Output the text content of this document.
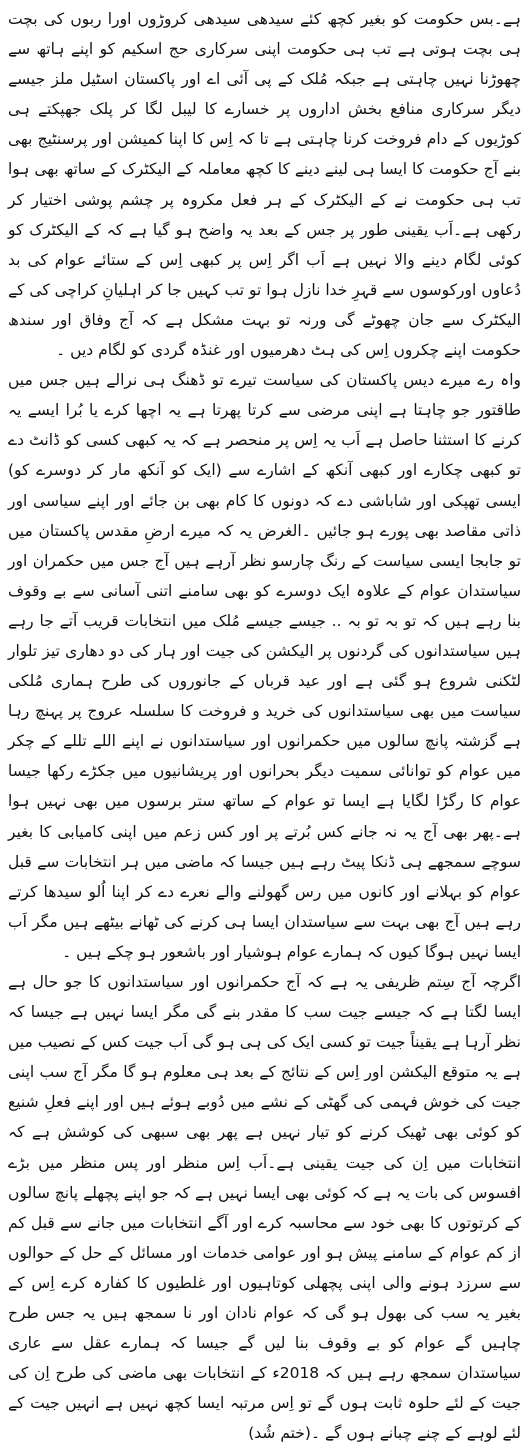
ہے۔بس حکومت کو بغیر کچھ کئے سیدھی سیدھی کروڑوں اورا ربوں کی بچت ہی بچت ہوتی ہے تب ہی حکومت اپنی سرکاری حج اسکیم کو اپنے ہاتھ سے چھوڑنا نہیں چاہتی ہے جبکہ مُلک کے پی آئی اے اور پاکستان اسٹیل ملز جیسے دیگر سرکاری منافع بخش اداروں پر خسارے کا لیبل لگا کر پلک جھپکتے ہی کوڑیوں کے دام فروخت کرنا چاہتی ہے تا کہ اِس کا اپنا کمیشن اور پرسنٹیج بھی بنے آج حکومت کا ایسا ہی لینے دینے کا کچھ معاملہ کے الیکٹرک کے ساتھ بھی ہوا تب ہی حکومت نے کے الیکٹرک کے ہر فعل مکروہ پر چشم پوشی اختیار کر رکھی ہے۔اَب یقینی طور پر جس کے بعد یہ واضح ہو گیا ہے کہ کے الیکٹرک کو کوئی لگام دینے والا نہیں ہے اَب اگر اِس پر کبھی اِس کے ستائے عوام کی بد دُعاوں اورکوسوں سے قہرِ خدا نازل ہوا تو تب کہیں جا کر اہلیانِ کراچی کی کے الیکٹرک سے جان چھوٹے گی ورنہ تو بہت مشکل ہے کہ آج وفاق اور سندھ حکومت اپنے چکروں اِس کی ہٹ دھرمیوں اور غنڈہ گردی کو لگام دیں ۔

واہ رے میرے دیس پاکستان کی سیاست تیرے تو ڈھنگ ہی نرالے ہیں جس میں طاقتور جو چاہتا ہے اپنی مرضی سے کرتا پھرتا ہے یہ اچھا کرے یا بُرا ایسے یہ کرنے کا استثنا حاصل ہے اَب یہ اِس پر منحصر ہے کہ یہ کبھی کسی کو ڈانٹ دے تو کبھی چکارے اور کبھی آنکھ کے اشارے سے (ایک کو آنکھ مار کر دوسرے کو) ایسی تھپکی اور شاباشی دے کہ دونوں کا کام بھی بن جائے اور اپنے سیاسی اور ذاتی مقاصد بھی پورے ہو جائیں ۔الغرض یہ کہ میرے ارضِ مقدس پاکستان میں تو جابجا ایسی سیاست کے رنگ چارسو نظر آرہے ہیں آج جس میں حکمران اور سیاستدان عوام کے علاوہ ایک دوسرے کو بھی سامنے اتنی آسانی سے بے وقوف بنا رہے ہیں کہ تو بہ تو بہ .. جیسے جیسے مُلک میں انتخابات قریب آتے جا رہے ہیں سیاستدانوں کی گردنوں پر الیکشن کی جیت اور ہار کی دو دھاری تیز تلوار لٹکنی شروع ہو گئی ہے اور عید قرباں کے جانوروں کی طرح ہماری مُلکی سیاست میں بھی سیاستدانوں کی خرید و فروخت کا سلسلہ عروج پر پہنچ رہا ہے گزشتہ پانچ سالوں میں حکمرانوں اور سیاستدانوں نے اپنے اللے تللے کے چکر میں عوام کو توانائی سمیت دیگر بحرانوں اور پریشانیوں میں جکڑے رکھا جیسا عوام کا رگڑا لگایا ہے ایسا تو عوام کے ساتھ ستر برسوں میں بھی نہیں ہوا ہے۔پھر بھی آج یہ نہ جانے کس بُرتے پر اور کس زعم میں اپنی کامیابی کا بغیر سوچے سمجھے ہی ڈنکا پیٹ رہے ہیں جیسا کہ ماضی میں ہر انتخابات سے قبل عوام کو بہلانے اور کانوں میں رس گھولنے والے نعرے دے کر اپنا اُلو سیدھا کرتے رہے ہیں آج بھی بہت سے سیاستدان ایسا ہی کرنے کی ٹھانے بیٹھے ہیں مگر اَب ایسا نہیں ہوگا کیوں کہ ہمارے عوام ہوشیار اور باشعور ہو چکے ہیں ۔

اگرچہ آج سِتم ظریفی یہ ہے کہ آج حکمرانوں اور سیاستدانوں کا جو حال ہے ایسا لگتا ہے کہ جیسے جیت سب کا مقدر بنے گی مگر ایسا نہیں ہے جیسا کہ نظر آرہا ہے یقیناً جیت تو کسی ایک کی ہی ہو گی اَب جیت کس کے نصیب میں ہے یہ متوقع الیکشن اور اِس کے نتائج کے بعد ہی معلوم ہو گا مگر آج سب اپنی جیت کی خوش فہمی کی گھٹی کے نشے میں دُوبے ہوئے ہیں اور اپنے فعلِ شنیع کو کوئی بھی ٹھیک کرنے کو تیار نہیں ہے پھر بھی سبھی کی کوشش ہے کہ انتخابات میں اِن کی جیت یقینی ہے۔اَب اِس منظر اور پس منظر میں بڑے افسوس کی بات یہ ہے کہ کوئی بھی ایسا نہیں ہے کہ جو اپنے پچھلے پانچ سالوں کے کرتوتوں کا بھی خود سے محاسبہ کرے اور آگے انتخابات میں جانے سے قبل کم از کم عوام کے سامنے پیش ہو اور عوامی خدمات اور مسائل کے حل کے حوالوں سے سرزد ہونے والی اپنی پچھلی کوتاہیوں اور غلطیوں کا کفارہ کرے اِس کے بغیر یہ سب کی بھول ہو گی کہ عوام نادان اور نا سمجھ ہیں یہ جس طرح چاہیں گے عوام کو بے وقوف بنا لیں گے جیسا کہ ہمارے عقل سے عاری سیاستدان سمجھ رہے ہیں کہ 2018ء کے انتخابات بھی ماضی کی طرح اِن کی جیت کے لئے حلوہ ثابت ہوں گے تو اِس مرتبہ ایسا کچھ نہیں ہے انہیں جیت کے لئے لوہے کے چنے چبانے ہوں گے ۔(ختم شُد)
